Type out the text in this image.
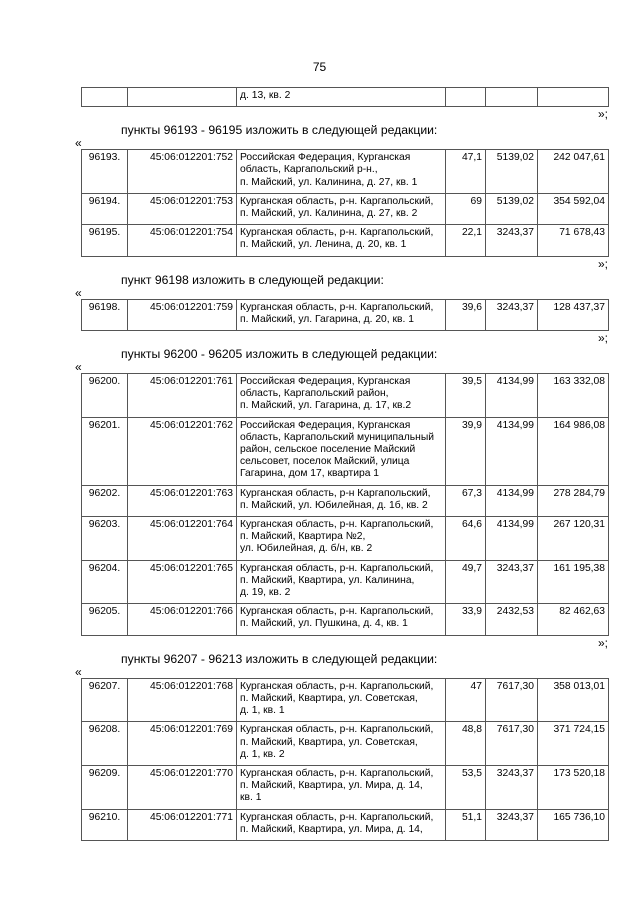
75
		д. 13, кв. 2			
»;
пункты 96193 - 96195 изложить в следующей редакции:
«
96193.	45:06:012201:752	Российская Федерация, Курганская
область, Каргапольский р-н.,
п. Майский, ул. Калинина, д. 27, кв. 1	47,1	5139,02	242 047,61
96194.	45:06:012201:753	Курганская область, р-н. Каргапольский,
п. Майский, ул. Калинина, д. 27, кв. 2	69	5139,02	354 592,04
96195.	45:06:012201:754	Курганская область, р-н. Каргапольский,
п. Майский, ул. Ленина, д. 20, кв. 1	22,1	3243,37	71 678,43
»;
пункт 96198 изложить в следующей редакции:
«
96198.	45:06:012201:759	Курганская область, р-н. Каргапольский,
п. Майский, ул. Гагарина, д. 20, кв. 1
	39,6	3243,37	128 437,37
»;
пункты 96200 - 96205 изложить в следующей редакции:
«
96200.	45:06:012201:761	Российская Федерация, Курганская
область, Каргапольский район,
п. Майский, ул. Гагарина, д. 17, кв.2	39,5	4134,99	163 332,08
96201.	45:06:012201:762	Российская Федерация, Курганская
область, Каргапольский муниципальный
район, сельское поселение Майский
сельсовет, поселок Майский, улица
Гагарина, дом 17, квартира 1	39,9	4134,99	164 986,08
96202.	45:06:012201:763	Курганская область, р-н Каргапольский,
п. Майский, ул. Юбилейная, д. 1б, кв. 2	67,3	4134,99	278 284,79
96203.	45:06:012201:764	Курганская область, р-н. Каргапольский,
п. Майский, Квартира №2,
ул. Юбилейная, д. б/н, кв. 2	64,6	4134,99	267 120,31
96204.	45:06:012201:765	Курганская область, р-н. Каргапольский,
п. Майский, Квартира, ул. Калинина,
д. 19, кв. 2	49,7	3243,37	161 195,38
96205.	45:06:012201:766	Курганская область, р-н. Каргапольский,
п. Майский, ул. Пушкина, д. 4, кв. 1	33,9	2432,53	82 462,63
»;
пункты 96207 - 96213 изложить в следующей редакции:
«
96207.	45:06:012201:768	Курганская область, р-н. Каргапольский,
п. Майский, Квартира, ул. Советская,
д. 1, кв. 1	47	7617,30	358 013,01
96208.	45:06:012201:769	Курганская область, р-н. Каргапольский,
п. Майский, Квартира, ул. Советская,
д. 1, кв. 2	48,8	7617,30	371 724,15
96209.	45:06:012201:770	Курганская область, р-н. Каргапольский,
п. Майский, Квартира, ул. Мира, д. 14,
кв. 1	53,5	3243,37	173 520,18
96210.	45:06:012201:771	Курганская область, р-н. Каргапольский,
п. Майский, Квартира, ул. Мира, д. 14,	51,1	3243,37	165 736,10
